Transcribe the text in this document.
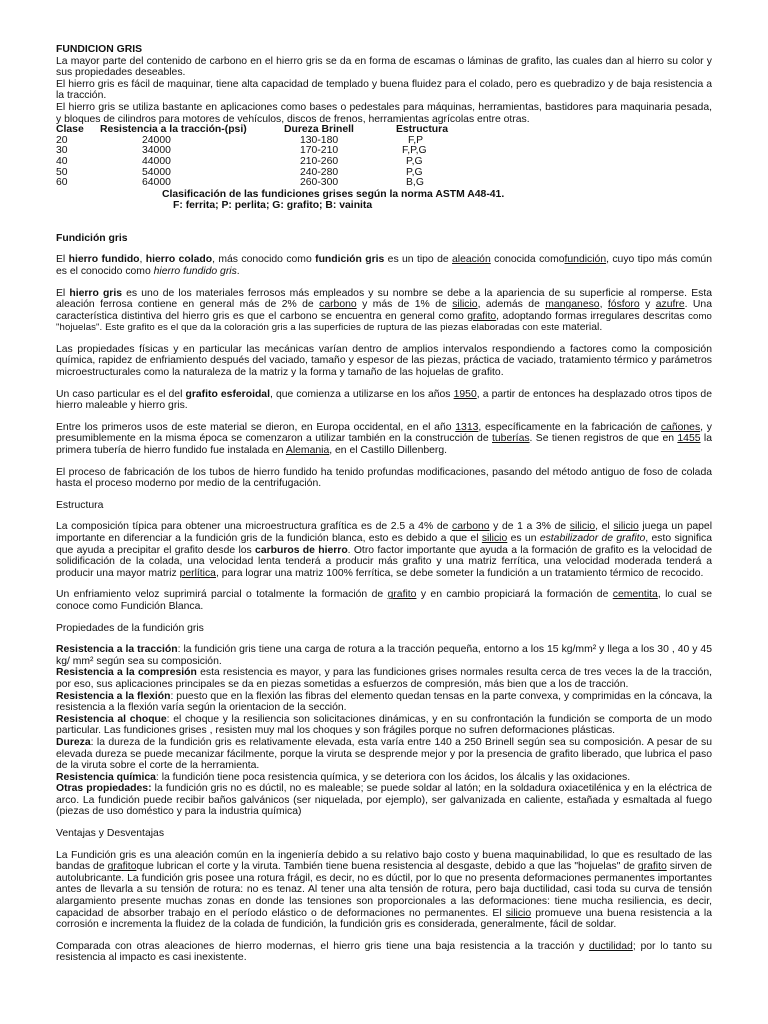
FUNDICION GRIS

La mayor parte del contenido de carbono en el hierro gris se da en forma de escamas o láminas de grafito, las cuales dan al hierro su color y sus propiedades deseables.

El hierro gris es fácil de maquinar, tiene alta capacidad de templado y buena fluidez para el colado, pero es quebradizo y de baja resistencia a la tracción.

El hierro gris se utiliza bastante en aplicaciones como bases o pedestales para máquinas, herramientas, bastidores para maquinaria pesada, y bloques de cilindros para motores de vehículos, discos de frenos, herramientas agrícolas entre otras.

Clase	Resistencia a la tracción-(psi)	Dureza Brinell	Estructura
20	24000	130-180	F,P
30	34000	170-210	F,P,G
40	44000	210-260	P,G
50	54000	240-280	P,G
60	64000	260-300	B,G

Clasificación de las fundiciones grises según la norma ASTM A48-41.

F: ferrita; P: perlita; G: grafito; B: vainita

Fundición gris

El hierro fundido, hierro colado, más conocido como fundición gris es un tipo de aleación conocida comofundición, cuyo tipo más común es el conocido como hierro fundido gris.

El hierro gris es uno de los materiales ferrosos más empleados y su nombre se debe a la apariencia de su superficie al romperse. Esta aleación ferrosa contiene en general más de 2% de carbono y más de 1% de silicio, además de manganeso, fósforo y azufre. Una característica distintiva del hierro gris es que el carbono se encuentra en general como grafito, adoptando formas irregulares descritas como "hojuelas". Este grafito es el que da la coloración gris a las superficies de ruptura de las piezas elaboradas con este material.

Las propiedades físicas y en particular las mecánicas varían dentro de amplios intervalos respondiendo a factores como la composición química, rapidez de enfriamiento después del vaciado, tamaño y espesor de las piezas, práctica de vaciado, tratamiento térmico y parámetros microestructurales como la naturaleza de la matriz y la forma y tamaño de las hojuelas de grafito.

Un caso particular es el del grafito esferoidal, que comienza a utilizarse en los años 1950, a partir de entonces ha desplazado otros tipos de hierro maleable y hierro gris.

Entre los primeros usos de este material se dieron, en Europa occidental, en el año 1313, específicamente en la fabricación de cañones, y presumiblemente en la misma época se comenzaron a utilizar también en la construcción de tuberías. Se tienen registros de que en 1455 la primera tubería de hierro fundido fue instalada en Alemania, en el Castillo Dillenberg.

El proceso de fabricación de los tubos de hierro fundido ha tenido profundas modificaciones, pasando del método antiguo de foso de colada hasta el proceso moderno por medio de la centrifugación.

Estructura

La composición típica para obtener una microestructura grafítica es de 2.5 a 4% de carbono y de 1 a 3% de silicio, el silicio juega un papel importante en diferenciar a la fundición gris de la fundición blanca, esto es debido a que el silicio es un estabilizador de grafito, esto significa que ayuda a precipitar el grafito desde los carburos de hierro. Otro factor importante que ayuda a la formación de grafito es la velocidad de solidificación de la colada, una velocidad lenta tenderá a producir más grafito y una matriz ferrítica, una velocidad moderada tenderá a producir una mayor matriz perlítica, para lograr una matriz 100% ferrítica, se debe someter la fundición a un tratamiento térmico de recocido.

Un enfriamiento veloz suprimirá parcial o totalmente la formación de grafito y en cambio propiciará la formación de cementita, lo cual se conoce como Fundición Blanca.

Propiedades de la fundición gris

Resistencia a la tracción: la fundición gris tiene una carga de rotura a la tracción pequeña, entorno a los 15 kg/mm² y llega a los 30 , 40 y 45 kg/ mm² según sea su composición.

Resistencia a la compresión esta resistencia es mayor, y para las fundiciones grises normales resulta cerca de tres veces la de la tracción, por eso, sus aplicaciones principales se da en piezas sometidas a esfuerzos de compresión, más bien que a los de tracción.

Resistencia a la flexión: puesto que en la flexión las fibras del elemento quedan tensas en la parte convexa, y comprimidas en la cóncava, la resistencia a la flexión varía según la orientacion de la sección.

Resistencia al choque: el choque y la resiliencia son solicitaciones dinámicas, y en su confrontación la fundición se comporta de un modo particular. Las fundiciones grises , resisten muy mal los choques y son frágiles porque no sufren deformaciones plásticas.

Dureza: la dureza de la fundición gris es relativamente elevada, esta varía entre 140 a 250 Brinell según sea su composición. A pesar de su elevada dureza se puede mecanizar fácilmente, porque la viruta se desprende mejor y por la presencia de grafito liberado, que lubrica el paso de la viruta sobre el corte de la herramienta.

Resistencia química: la fundición tiene poca resistencia química, y se deteriora con los ácidos, los álcalis y las oxidaciones.

Otras propiedades: la fundición gris no es dúctil, no es maleable; se puede soldar al latón; en la soldadura oxiacetilénica y en la eléctrica de arco. La fundición puede recibir baños galvánicos (ser niquelada, por ejemplo), ser galvanizada en caliente, estañada y esmaltada al fuego (piezas de uso doméstico y para la industria química)

Ventajas y Desventajas

La Fundición gris es una aleación común en la ingeniería debido a su relativo bajo costo y buena maquinabilidad, lo que es resultado de las bandas de grafitoque lubrican el corte y la viruta. También tiene buena resistencia al desgaste, debido a que las "hojuelas" de grafito sirven de autolubricante. La fundición gris posee una rotura frágil, es decir, no es dúctil, por lo que no presenta deformaciones permanentes importantes antes de llevarla a su tensión de rotura: no es tenaz. Al tener una alta tensión de rotura, pero baja ductilidad, casi toda su curva de tensión alargamiento presente muchas zonas en donde las tensiones son proporcionales a las deformaciones: tiene mucha resiliencia, es decir, capacidad de absorber trabajo en el período elástico o de deformaciones no permanentes. El silicio promueve una buena resistencia a la corrosión e incrementa la fluidez de la colada de fundición, la fundición gris es considerada, generalmente, fácil de soldar.

Comparada con otras aleaciones de hierro modernas, el hierro gris tiene una baja resistencia a la tracción y ductilidad; por lo tanto su resistencia al impacto es casi inexistente.
